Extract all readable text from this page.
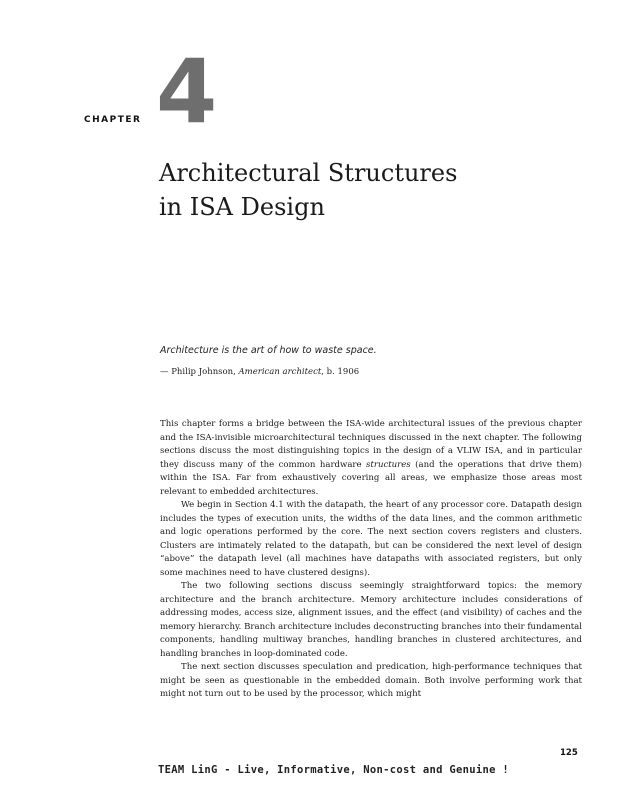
CHAPTER 4
Architectural Structures
in ISA Design
Architecture is the art of how to waste space.
— Philip Johnson, American architect, b. 1906

This chapter forms a bridge between the ISA-wide architectural issues of the previous chapter and the ISA-invisible microarchitectural techniques discussed in the next chapter. The following sections discuss the most distinguishing topics in the design of a VLIW ISA, and in particular they discuss many of the common hardware structures (and the operations that drive them) within the ISA. Far from exhaustively covering all areas, we emphasize those areas most relevant to embedded architectures.

We begin in Section 4.1 with the datapath, the heart of any processor core. Datapath design includes the types of execution units, the widths of the data lines, and the common arithmetic and logic operations performed by the core. The next section covers registers and clusters. Clusters are intimately related to the datapath, but can be considered the next level of design “above” the datapath level (all machines have datapaths with associated registers, but only some machines need to have clustered designs).

The two following sections discuss seemingly straightforward topics: the memory architecture and the branch architecture. Memory architecture includes considerations of addressing modes, access size, alignment issues, and the effect (and visibility) of caches and the memory hierarchy. Branch architecture includes deconstructing branches into their fundamental components, handling multiway branches, handling branches in clustered architectures, and handling branches in loop-dominated code.

The next section discusses speculation and predication, high-performance techniques that might be seen as questionable in the embedded domain. Both involve performing work that might not turn out to be used by the processor, which might

125
TEAM LinG - Live, Informative, Non-cost and Genuine !
